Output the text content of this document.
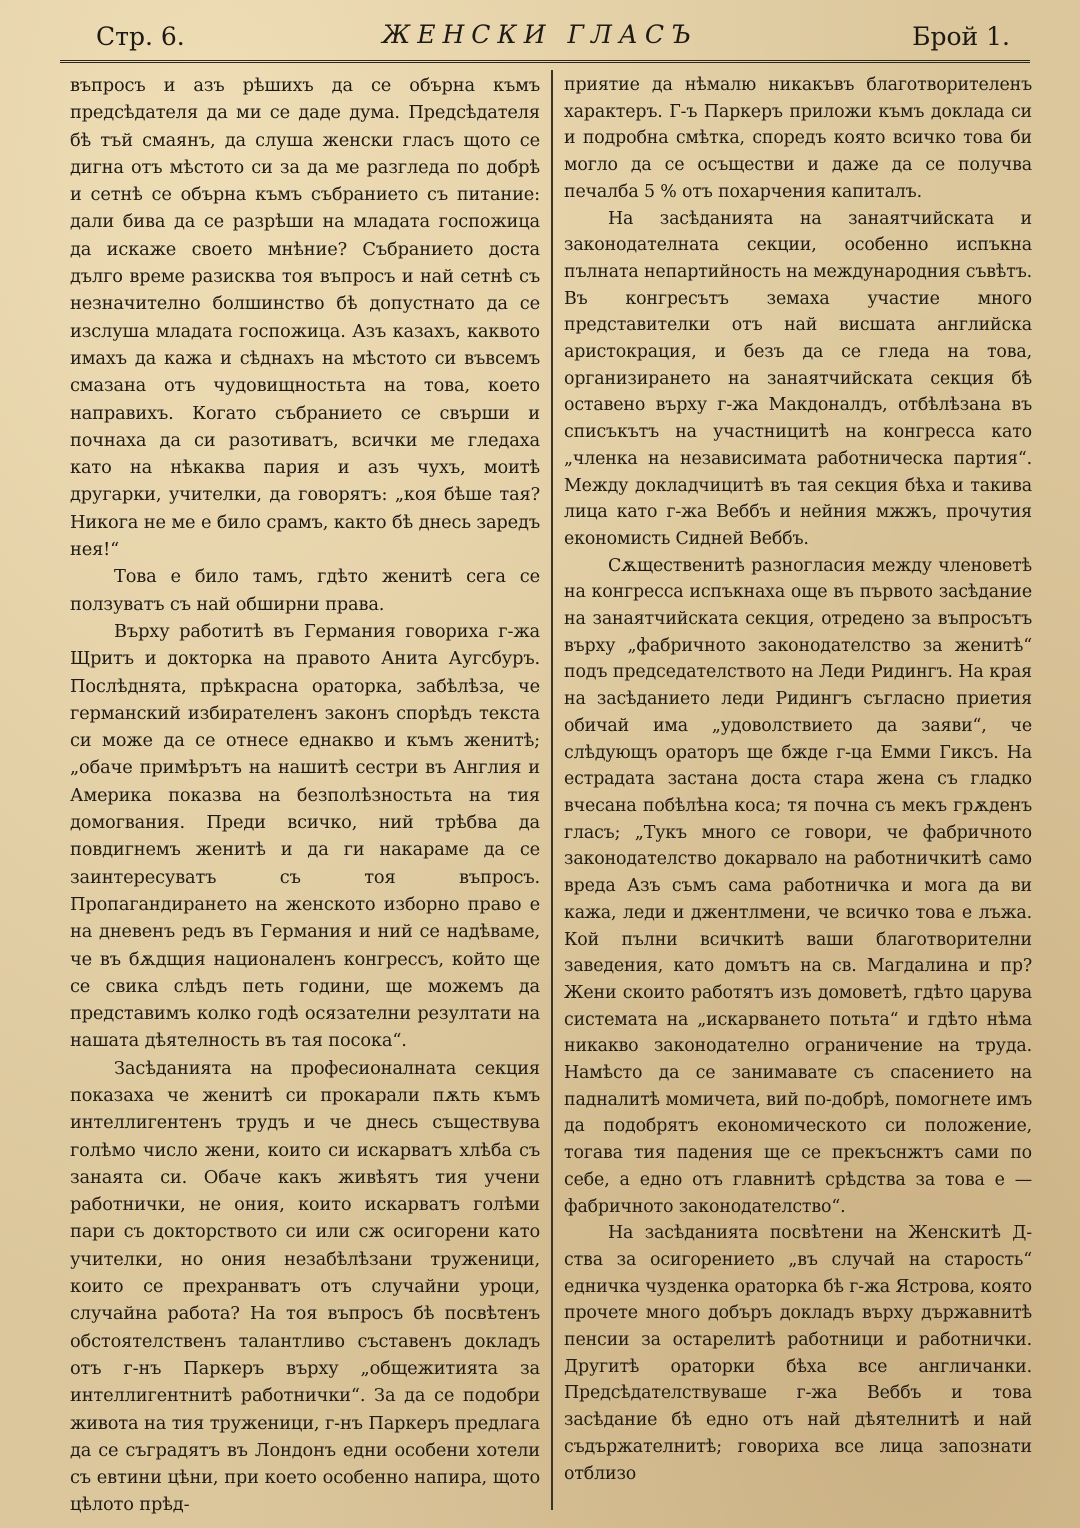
Стр. 6.	ЖЕНСКИ ГЛАСЪ	Брой 1.

въпросъ и азъ рѣшихъ да се обърна къмъ предсѣдателя да ми се даде дума. Предсѣдателя бѣ тъй смаянъ, да слуша женски гласъ щото се дигна отъ мѣстото си за да ме разгледа по добрѣ и сетнѣ се обърна къмъ събранието съ питание: дали бива да се разрѣши на младата госпожица да искаже своето мнѣние? Събранието доста дълго време разисква тоя въпросъ и най сетнѣ съ незначително болшинство бѣ допустнато да се изслуша младата госпожица. Азъ казахъ, каквото имахъ да кажа и сѣднахъ на мѣстото си въвсемъ смазана отъ чудовищностьта на това, което направихъ. Когато събранието се свърши и почнаха да си разотиватъ, всички ме гледаха като на нѣкаква пария и азъ чухъ, моитѣ другарки, учителки, да говорятъ: „коя бѣше тая? Никога не ме е било срамъ, както бѣ днесь заредъ нея!“

Това е било тамъ, гдѣто женитѣ сега се ползуватъ съ най обширни права.

Върху работитѣ въ Германия говориха г-жа Щритъ и докторка на правото Анита Аугсбуръ. Послѣднята, прѣкрасна ораторка, забѣлѣза, че германский избирателенъ законъ спорѣдъ текста си може да се отнесе еднакво и къмъ женитѣ; „обаче примѣрътъ на нашитѣ сестри въ Англия и Америка показва на безполѣзностьта на тия домогвания. Преди всичко, ний трѣбва да повдигнемъ женитѣ и да ги накараме да се заинтересуватъ съ тоя въпросъ. Пропагандирането на женското изборно право е на дневенъ редъ въ Германия и ний се надѣваме, че въ бѫдщия националенъ конгрессъ, който ще се свика слѣдъ петь години, ще можемъ да представимъ колко годѣ осязателни резултати на нашата дѣятелность въ тая посока“.

Засѣданията на професионалната секция показаха че женитѣ си прокарали пѫть къмъ интеллигентенъ трудъ и че днесь съществува голѣмо число жени, които си искарватъ хлѣба съ занаята си. Обаче какъ живѣятъ тия учени работнички, не ония, които искарватъ голѣми пари съ докторството си или сж осигорени като учителки, но ония незабѣлѣзани труженици, които се прехранватъ отъ случайни уроци, случайна работа? На тоя въпросъ бѣ посвѣтенъ обстоятелственъ талантливо съставенъ докладъ отъ г-нъ Паркеръ върху „общежитията за интеллигентнитѣ работнички“. За да се подобри живота на тия труженици, г-нъ Паркеръ предлага да се съградятъ въ Лондонъ едни особени хотели съ евтини цѣни, при което особенно напира, щото цѣлото прѣд-

приятие да нѣмалю никакъвъ благотворителенъ характеръ. Г-ъ Паркеръ приложи къмъ доклада си и подробна смѣтка, споредъ която всичко това би могло да се осъществи и даже да се получва печалба 5 % отъ похарчения капиталъ.

На засѣданията на занаятчийската и законодателната секции, особенно испъкна пълната непартийность на международния съвѣтъ. Въ конгресътъ земаха участие много представителки отъ най висшата английска аристокрация, и безъ да се гледа на това, организирането на занаятчийската секция бѣ оставено върху г-жа Макдоналдъ, отбѣлѣзана въ списъкътъ на участницитѣ на конгресса като „членка на независимата работническа партия“. Между докладчицитѣ въ тая секция бѣха и такива лица като г-жа Веббъ и нейния мжжъ, прочутия економисть Сидней Веббъ.

Сѫщественитѣ разногласия между членоветѣ на конгресса испъкнаха още въ първото засѣдание на занаятчийската секция, отредено за въпросътъ върху „фабричното законодателство за женитѣ“ подъ председателството на Леди Ридингъ. На края на засѣданието леди Ридингъ съгласно приетия обичай има „удоволствието да заяви“, че слѣдующъ ораторъ ще бжде г-ца Емми Гиксъ. На естрадата застана доста стара жена съ гладко вчесана побѣлѣна коса; тя почна съ мекъ грѫденъ гласъ; „Тукъ много се говори, че фабричното законодателство докарвало на работничкитѣ само вреда Азъ съмъ сама работничка и мога да ви кажа, леди и джентлмени, че всичко това е лъжа. Кой пълни всичкитѣ ваши благотворителни заведения, като домътъ на св. Магдалина и пр? Жени скоито работятъ изъ домоветѣ, гдѣто царува системата на „искарването потьта“ и гдѣто нѣма никакво законодателно ограничение на труда. Намѣсто да се занимавате съ спасението на падналитѣ момичета, вий по-добрѣ, помогнете имъ да подобрятъ економическото си положение, тогава тия падения ще се прекъснжтъ сами по себе, а едно отъ главнитѣ срѣдства за това е —фабричното законодателство“.

На засѣданията посвѣтени на Женскитѣ Д-ства за осигорението „въ случай на старость“ едничка чузденка ораторка бѣ г-жа Ястрова, която прочете много добъръ докладъ върху държавнитѣ пенсии за остарелитѣ работници и работнички. Другитѣ ораторки бѣха все англичанки. Предсѣдателствуваше г-жа Веббъ и това засѣдание бѣ едно отъ най дѣятелнитѣ и най съдържателнитѣ; говориха все лица запознати отблизо
